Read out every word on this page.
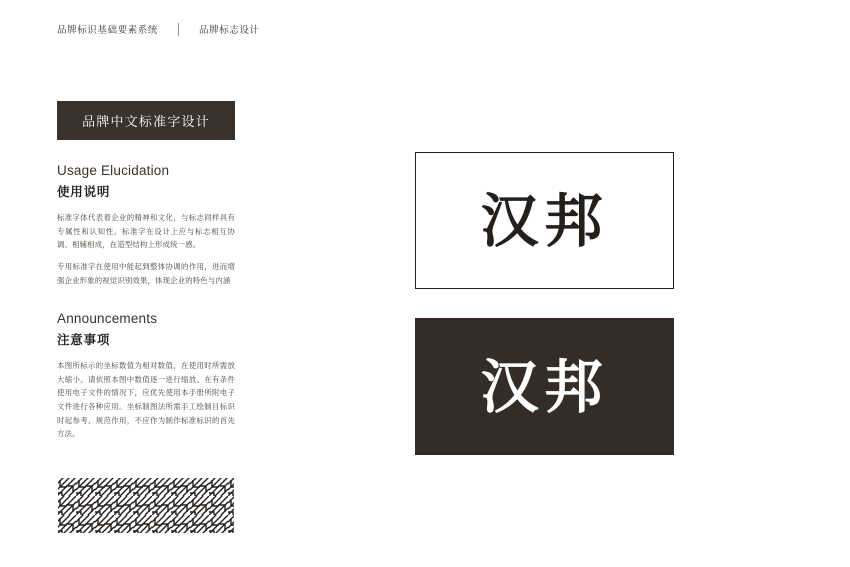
品牌标识基础要素系统	品牌标志设计
品牌中文标准字设计
Usage Elucidation
使用说明

标准字体代表着企业的精神和文化，与标志同样具有专属性和认知性。标准字在设计上应与标志相互协调、相辅相成，在造型结构上形成统一感。

专用标准字在使用中能起到整体协调的作用，进而增强企业形象的视觉识别效果，体现企业的特色与内涵

Announcements
注意事项

本图所标示的坐标数值为相对数值，在使用时所需放大缩小。请依照本图中数值逐一进行缩放。在有条件使用电子文件的情况下，应优先使用本手册所附电子文件进行各种应用。坐标制图法所需手工绘制目标识时起参考、规范作用，不应作为制作标准标识的首先方法。

汉邦
汉邦
